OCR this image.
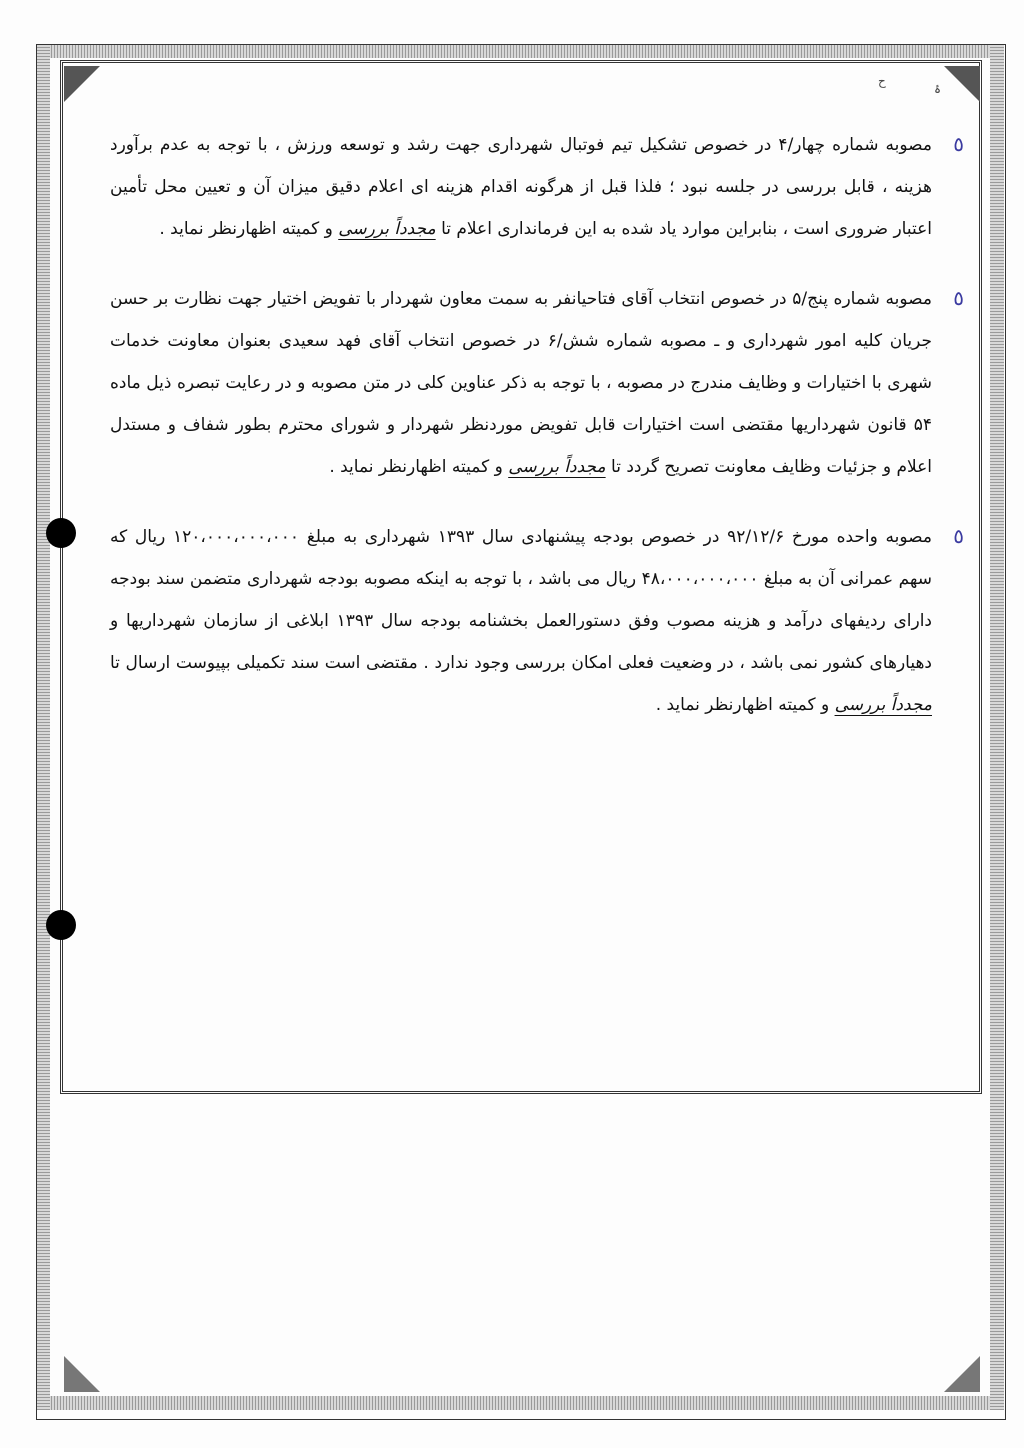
ح
ۀ

٥
مصوبه شماره چهار/۴ در خصوص تشکیل تیم فوتبال شهرداری جهت رشد و توسعه ورزش ، با توجه به عدم برآورد هزینه ، قابل بررسی در جلسه نبود ؛ فلذا قبل از هرگونه اقدام هزینه ای اعلام دقیق میزان آن و تعیین محل تأمین اعتبار ضروری است ، بنابراین موارد یاد شده به این فرمانداری اعلام تا مجدداً بررسی و کمیته اظهارنظر نماید .

٥
مصوبه شماره پنج/۵ در خصوص انتخاب آقای فتاحیانفر به سمت معاون شهردار با تفویض اختیار جهت نظارت بر حسن جریان کلیه امور شهرداری و ـ مصوبه شماره شش/۶ در خصوص انتخاب آقای فهد سعیدی بعنوان معاونت خدمات شهری با اختیارات و وظایف مندرج در مصوبه ، با توجه به ذکر عناوین کلی در متن مصوبه و در رعایت تبصره ذیل ماده ۵۴ قانون شهرداریها مقتضی است اختیارات قابل تفویض موردنظر شهردار و شورای محترم بطور شفاف و مستدل اعلام و جزئیات وظایف معاونت تصریح گردد تا مجدداً بررسی و کمیته اظهارنظر نماید .

٥
مصوبه واحده مورخ ۹۲/۱۲/۶ در خصوص بودجه پیشنهادی سال ۱۳۹۳ شهرداری به مبلغ ۱۲۰،۰۰۰،۰۰۰،۰۰۰ ریال که سهم عمرانی آن به مبلغ ۴۸،۰۰۰،۰۰۰،۰۰۰ ریال می باشد ، با توجه به اینکه مصوبه بودجه شهرداری متضمن سند بودجه دارای ردیفهای درآمد و هزینه مصوب وفق دستورالعمل بخشنامه بودجه سال ۱۳۹۳ ابلاغی از سازمان شهرداریها و دهیارهای کشور نمی باشد ، در وضعیت فعلی امکان بررسی وجود ندارد . مقتضی است سند تکمیلی بپیوست ارسال تا مجدداً بررسی و کمیته اظهارنظر نماید .
